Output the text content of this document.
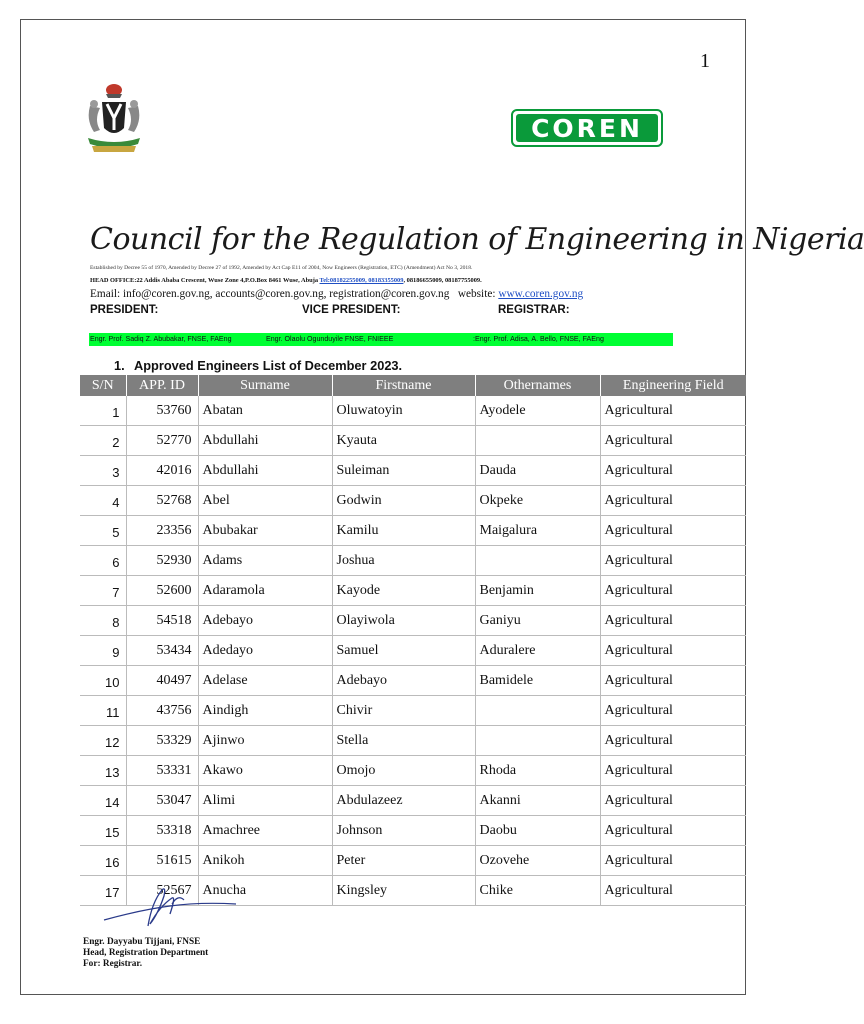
1
COREN
Council for the Regulation of Engineering in Nigeria
Established by Decree 55 of 1970, Amended by Decree 27 of 1992, Amended by Act Cap E11 of 2004, Now Engineers (Registration, ETC) (Amendment) Act No 3, 2018.
HEAD OFFICE:22 Addis Ababa Crescent, Wuse Zone 4,P.O.Box 8461 Wuse, Abuja Tel:08182255009, 08183355009, 08186655009, 08187755009.
Email: info@coren.gov.ng, accounts@coren.gov.ng, registration@coren.gov.ng website: www.coren.gov.ng
PRESIDENT:	VICE PRESIDENT:	REGISTRAR:
Engr. Prof. Sadiq Z. Abubakar, FNSE, FAEng	Engr. Olaolu Ogunduyile FNSE, FNIEEE	:Engr. Prof. Adisa, A. Bello, FNSE, FAEng
1. Approved Engineers List of December 2023.
S/N	APP. ID	Surname	Firstname	Othernames	Engineering Field
1	53760	Abatan	Oluwatoyin	Ayodele	Agricultural
2	52770	Abdullahi	Kyauta		Agricultural
3	42016	Abdullahi	Suleiman	Dauda	Agricultural
4	52768	Abel	Godwin	Okpeke	Agricultural
5	23356	Abubakar	Kamilu	Maigalura	Agricultural
6	52930	Adams	Joshua		Agricultural
7	52600	Adaramola	Kayode	Benjamin	Agricultural
8	54518	Adebayo	Olayiwola	Ganiyu	Agricultural
9	53434	Adedayo	Samuel	Aduralere	Agricultural
10	40497	Adelase	Adebayo	Bamidele	Agricultural
11	43756	Aindigh	Chivir		Agricultural
12	53329	Ajinwo	Stella		Agricultural
13	53331	Akawo	Omojo	Rhoda	Agricultural
14	53047	Alimi	Abdulazeez	Akanni	Agricultural
15	53318	Amachree	Johnson	Daobu	Agricultural
16	51615	Anikoh	Peter	Ozovehe	Agricultural
17	52567	Anucha	Kingsley	Chike	Agricultural
Engr. Dayyabu Tijjani, FNSE
Head, Registration Department
For: Registrar.
